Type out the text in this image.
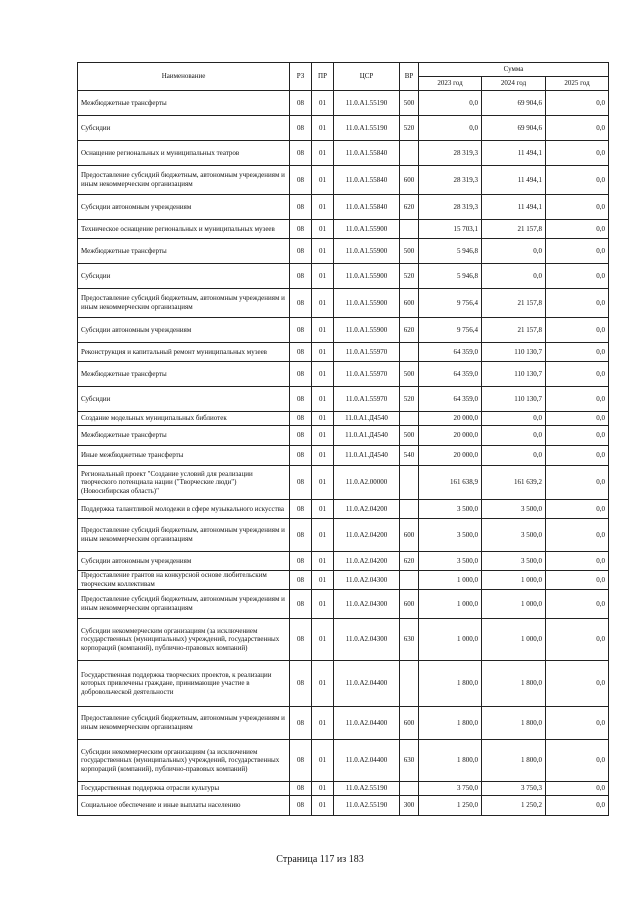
Наименование	РЗ	ПР	ЦСР	ВР	Сумма		
					2023 год	2024 год	2025 год
Межбюджетные трансферты	08	01	11.0.А1.55190	500	0,0	69 904,6	0,0
Субсидии	08	01	11.0.А1.55190	520	0,0	69 904,6	0,0
Оснащение региональных и муниципальных театров	08	01	11.0.А1.55840		28 319,3	11 494,1	0,0
Предоставление субсидий бюджетным, автономным учреждениям и иным некоммерческим организациям	08	01	11.0.А1.55840	600	28 319,3	11 494,1	0,0
Субсидии автономным учреждениям	08	01	11.0.А1.55840	620	28 319,3	11 494,1	0,0
Техническое оснащение региональных и муниципальных музеев	08	01	11.0.А1.55900		15 703,1	21 157,8	0,0
Межбюджетные трансферты	08	01	11.0.А1.55900	500	5 946,8	0,0	0,0
Субсидии	08	01	11.0.А1.55900	520	5 946,8	0,0	0,0
Предоставление субсидий бюджетным, автономным учреждениям и иным некоммерческим организациям	08	01	11.0.А1.55900	600	9 756,4	21 157,8	0,0
Субсидии автономным учреждениям	08	01	11.0.А1.55900	620	9 756,4	21 157,8	0,0
Реконструкция и капитальный ремонт муниципальных музеев	08	01	11.0.А1.55970		64 359,0	110 130,7	0,0
Межбюджетные трансферты	08	01	11.0.А1.55970	500	64 359,0	110 130,7	0,0
Субсидии	08	01	11.0.А1.55970	520	64 359,0	110 130,7	0,0
Создание модельных муниципальных библиотек	08	01	11.0.А1.Д4540		20 000,0	0,0	0,0
Межбюджетные трансферты	08	01	11.0.А1.Д4540	500	20 000,0	0,0	0,0
Иные межбюджетные трансферты	08	01	11.0.А1.Д4540	540	20 000,0	0,0	0,0
Региональный проект "Создание условий для реализации творческого потенциала нации ("Творческие люди") (Новосибирская область)"	08	01	11.0.А2.00000		161 638,9	161 639,2	0,0
Поддержка талантливой молодежи в сфере музыкального искусства	08	01	11.0.А2.04200		3 500,0	3 500,0	0,0
Предоставление субсидий бюджетным, автономным учреждениям и иным некоммерческим организациям	08	01	11.0.А2.04200	600	3 500,0	3 500,0	0,0
Субсидии автономным учреждениям	08	01	11.0.А2.04200	620	3 500,0	3 500,0	0,0
Предоставление грантов на конкурсной основе любительским творческим коллективам	08	01	11.0.А2.04300		1 000,0	1 000,0	0,0
Предоставление субсидий бюджетным, автономным учреждениям и иным некоммерческим организациям	08	01	11.0.А2.04300	600	1 000,0	1 000,0	0,0
Субсидии некоммерческим организациям (за исключением государственных (муниципальных) учреждений, государственных корпораций (компаний), публично-правовых компаний)	08	01	11.0.А2.04300	630	1 000,0	1 000,0	0,0
Государственная поддержка творческих проектов, к реализации которых привлечены граждане, принимающие участие в добровольческой деятельности	08	01	11.0.А2.04400		1 800,0	1 800,0	0,0
Предоставление субсидий бюджетным, автономным учреждениям и иным некоммерческим организациям	08	01	11.0.А2.04400	600	1 800,0	1 800,0	0,0
Субсидии некоммерческим организациям (за исключением государственных (муниципальных) учреждений, государственных корпораций (компаний), публично-правовых компаний)	08	01	11.0.А2.04400	630	1 800,0	1 800,0	0,0
Государственная поддержка отрасли культуры	08	01	11.0.А2.55190		3 750,0	3 750,3	0,0
Социальное обеспечение и иные выплаты населению	08	01	11.0.А2.55190	300	1 250,0	1 250,2	0,0
Страница 117 из 183
